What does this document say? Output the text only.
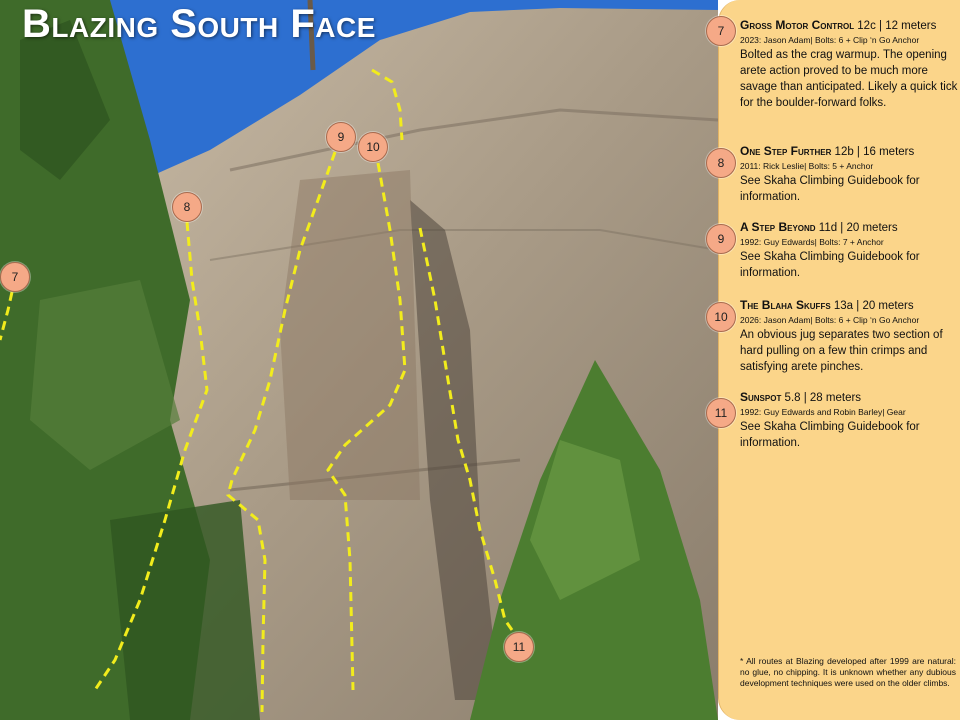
Blazing South Face
7
8
9
10
11
7	Gross Motor Control 12c | 12 meters
2023: Jason Adam| Bolts: 6 + Clip ‘n Go Anchor
Bolted as the crag warmup. The opening arete action proved to be much more savage than anticipated. Likely a quick tick for the boulder-forward folks.
8
One Step Further 12b | 16 meters
2011: Rick Leslie| Bolts: 5 + Anchor
See Skaha Climbing Guidebook for information.
9
A Step Beyond 11d | 20 meters
1992: Guy Edwards| Bolts: 7 + Anchor
See Skaha Climbing Guidebook for information.
10
The Blaha Skuffs 13a | 20 meters
2026: Jason Adam| Bolts: 6 + Clip ‘n Go Anchor
An obvious jug separates two section of hard pulling on a few thin crimps and satisfying arete pinches.
11
Sunspot 5.8 | 28 meters
1992: Guy Edwards and Robin Barley| Gear
See Skaha Climbing Guidebook for information.
* All routes at Blazing developed after 1999 are natural: no glue, no chipping. It is unknown whether any dubious development techniques were used on the older climbs.
